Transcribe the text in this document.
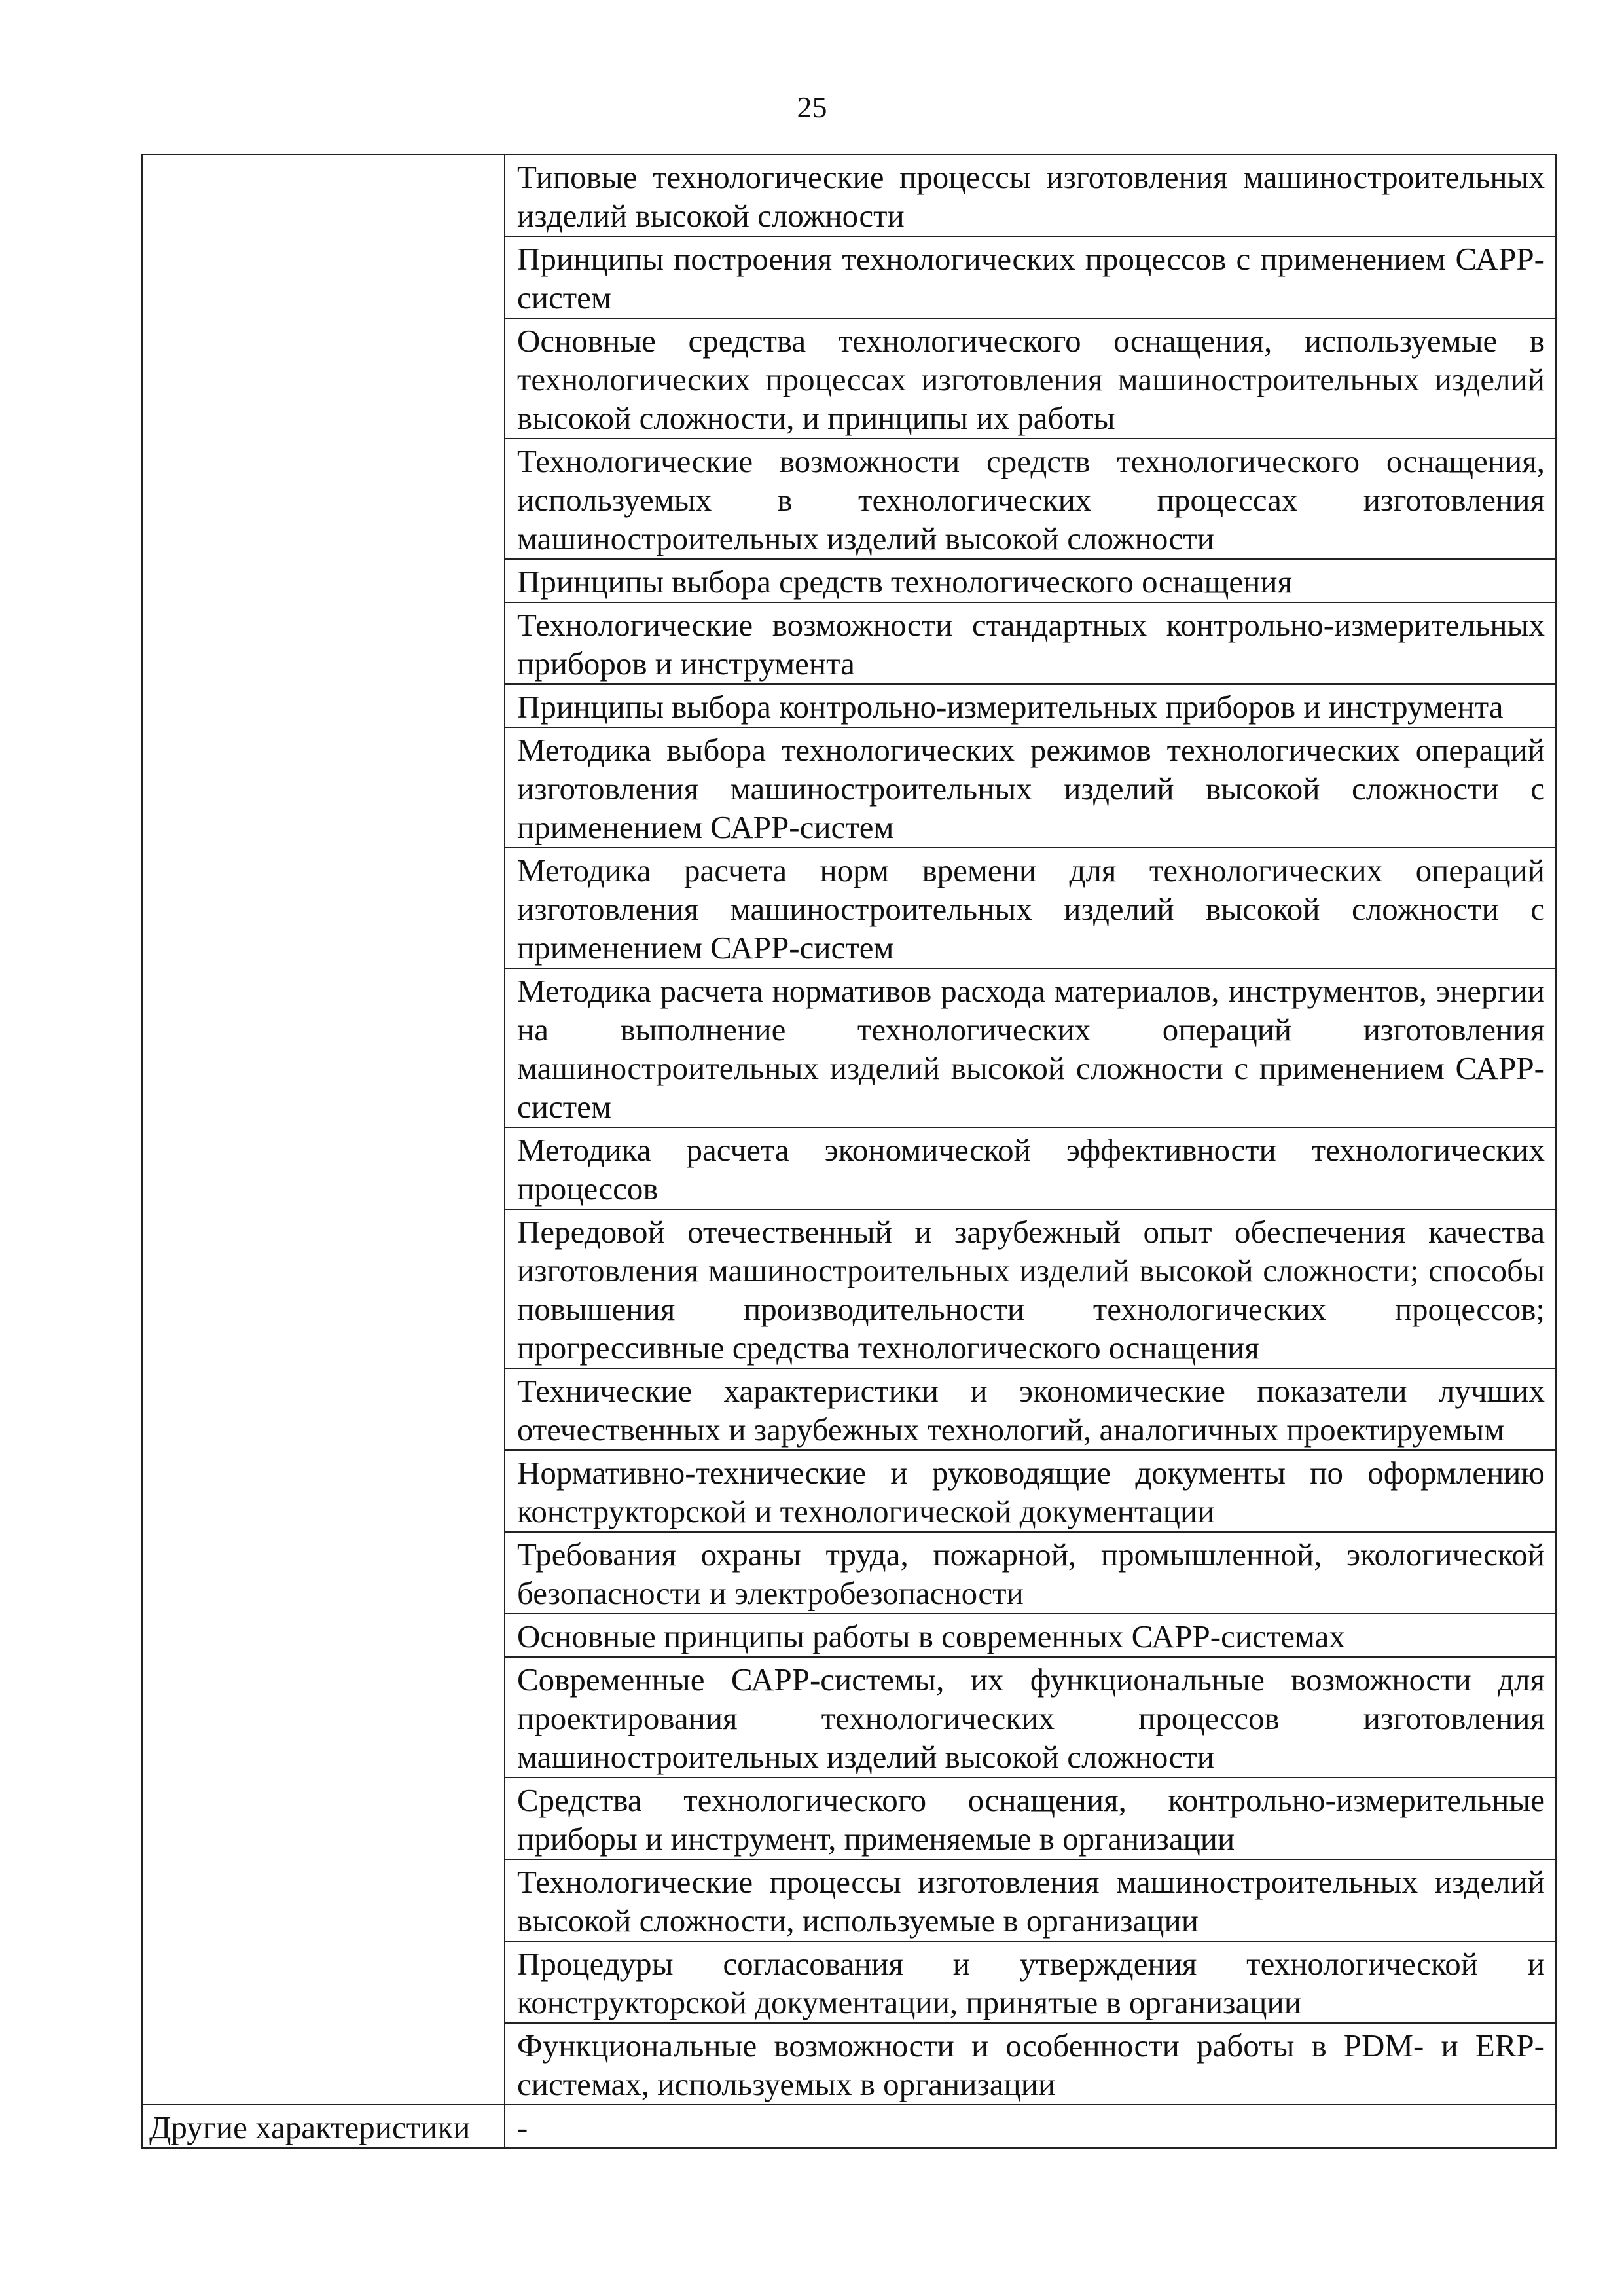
25
	Типовые технологические процессы изготовления машиностроительных изделий высокой сложности
	Принципы построения технологических процессов с применением САРР-систем
	Основные средства технологического оснащения, используемые в технологических процессах изготовления машиностроительных изделий высокой сложности, и принципы их работы
	Технологические возможности средств технологического оснащения, используемых в технологических процессах изготовления машиностроительных изделий высокой сложности
	Принципы выбора средств технологического оснащения
	Технологические возможности стандартных контрольно-измерительных приборов и инструмента
	Принципы выбора контрольно-измерительных приборов и инструмента
	Методика выбора технологических режимов технологических операций изготовления машиностроительных изделий высокой сложности с применением САРР-систем
	Методика расчета норм времени для технологических операций изготовления машиностроительных изделий высокой сложности с применением САРР-систем
	Методика расчета нормативов расхода материалов, инструментов, энергии на выполнение технологических операций изготовления машиностроительных изделий высокой сложности с применением САРР-систем
	Методика расчета экономической эффективности технологических процессов
	Передовой отечественный и зарубежный опыт обеспечения качества изготовления машиностроительных изделий высокой сложности; способы повышения производительности технологических процессов; прогрессивные средства технологического оснащения
	Технические характеристики и экономические показатели лучших отечественных и зарубежных технологий, аналогичных проектируемым
	Нормативно-технические и руководящие документы по оформлению конструкторской и технологической документации
	Требования охраны труда, пожарной, промышленной, экологической безопасности и электробезопасности
	Основные принципы работы в современных САРР-системах
	Современные САРР-системы, их функциональные возможности для проектирования технологических процессов изготовления машиностроительных изделий высокой сложности
	Средства технологического оснащения, контрольно-измерительные приборы и инструмент, применяемые в организации
	Технологические процессы изготовления машиностроительных изделий высокой сложности, используемые в организации
	Процедуры согласования и утверждения технологической и конструкторской документации, принятые в организации
	Функциональные возможности и особенности работы в PDM- и ERP-системах, используемых в организации
Другие характеристики	-
